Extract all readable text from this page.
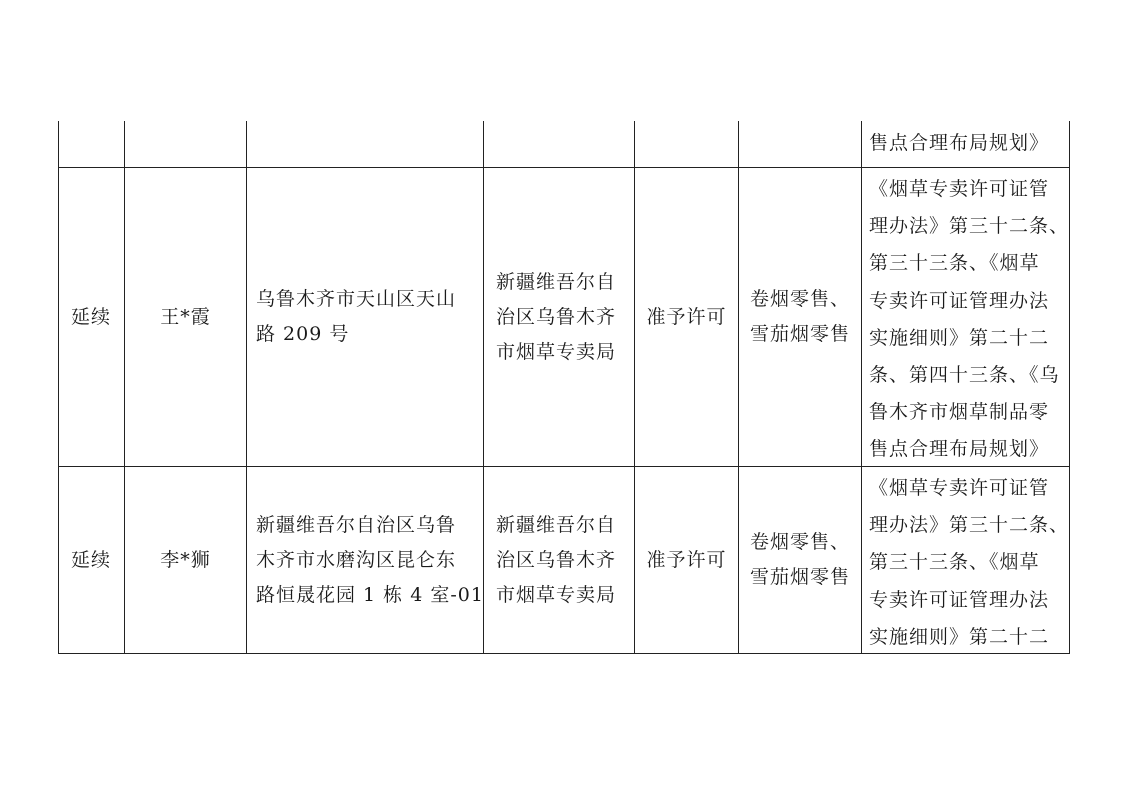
售点合理布局规划》
延续	王*霞
乌鲁木齐市天山区天山
路 209 号
新疆维吾尔自
治区乌鲁木齐
市烟草专卖局
准予许可
卷烟零售、
雪茄烟零售
《烟草专卖许可证管
理办法》第三十二条、
第三十三条、《烟草
专卖许可证管理办法
实施细则》第二十二
条、第四十三条、《乌
鲁木齐市烟草制品零
售点合理布局规划》
延续	李*狮
新疆维吾尔自治区乌鲁
木齐市水磨沟区昆仑东
路恒晟花园 1 栋 4 室-01
新疆维吾尔自
治区乌鲁木齐
市烟草专卖局
准予许可
卷烟零售、
雪茄烟零售
《烟草专卖许可证管
理办法》第三十二条、
第三十三条、《烟草
专卖许可证管理办法
实施细则》第二十二
